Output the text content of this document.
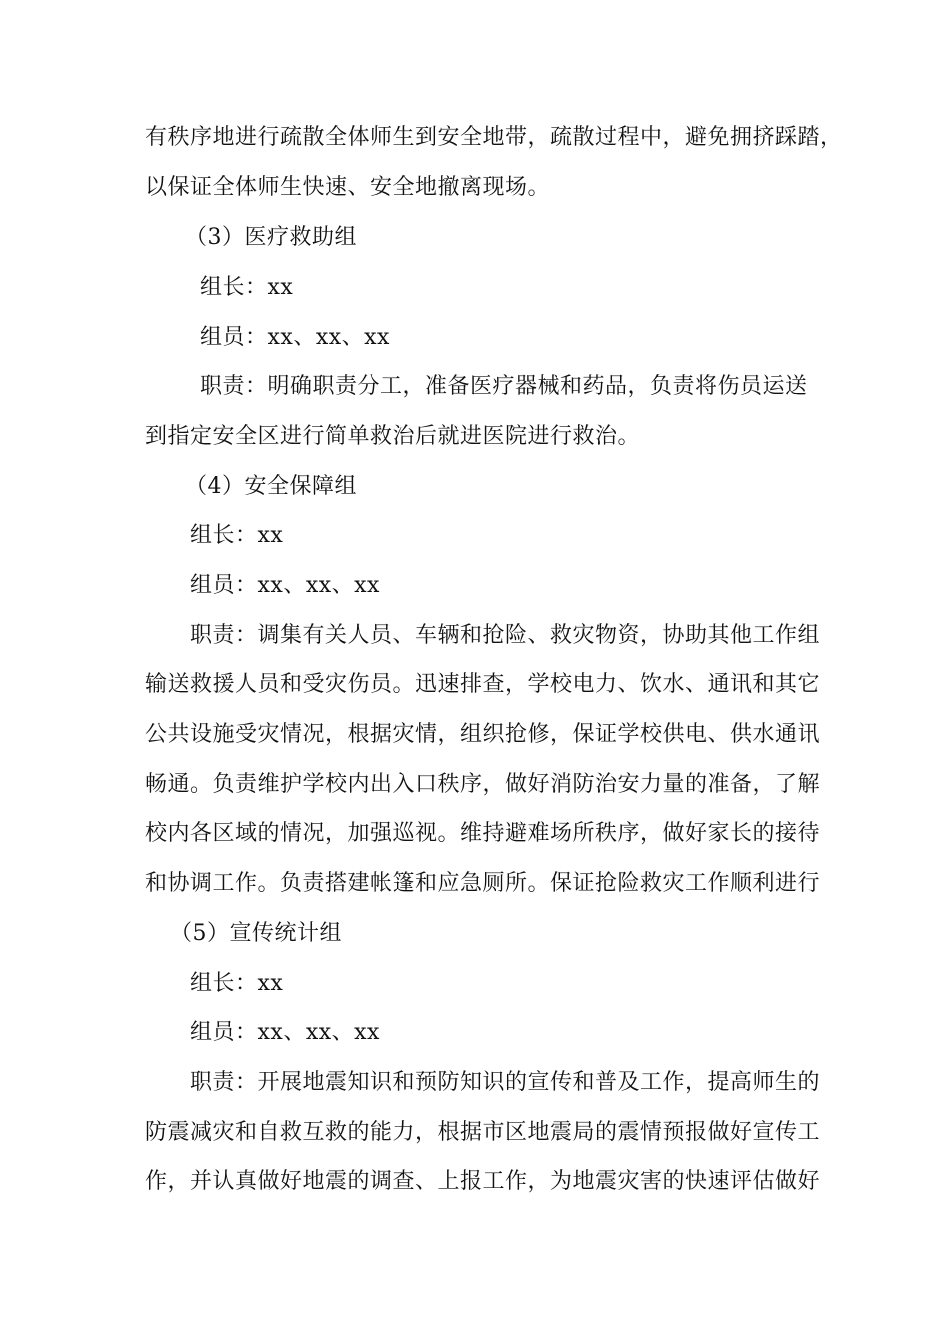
有秩序地进行疏散全体师生到安全地带，疏散过程中，避免拥挤踩踏，
以保证全体师生快速、安全地撤离现场。
（3）医疗救助组
组长：xx
组员：xx、xx、xx
职责：明确职责分工，准备医疗器械和药品，负责将伤员运送
到指定安全区进行简单救治后就进医院进行救治。
（4）安全保障组
组长：xx
组员：xx、xx、xx
职责：调集有关人员、车辆和抢险、救灾物资，协助其他工作组
输送救援人员和受灾伤员。迅速排查，学校电力、饮水、通讯和其它
公共设施受灾情况，根据灾情，组织抢修，保证学校供电、供水通讯
畅通。负责维护学校内出入口秩序，做好消防治安力量的准备，了解
校内各区域的情况，加强巡视。维持避难场所秩序，做好家长的接待
和协调工作。负责搭建帐篷和应急厕所。保证抢险救灾工作顺利进行
（5）宣传统计组
组长：xx
组员：xx、xx、xx
职责：开展地震知识和预防知识的宣传和普及工作，提高师生的
防震减灾和自救互救的能力，根据市区地震局的震情预报做好宣传工
作，并认真做好地震的调查、上报工作，为地震灾害的快速评估做好
